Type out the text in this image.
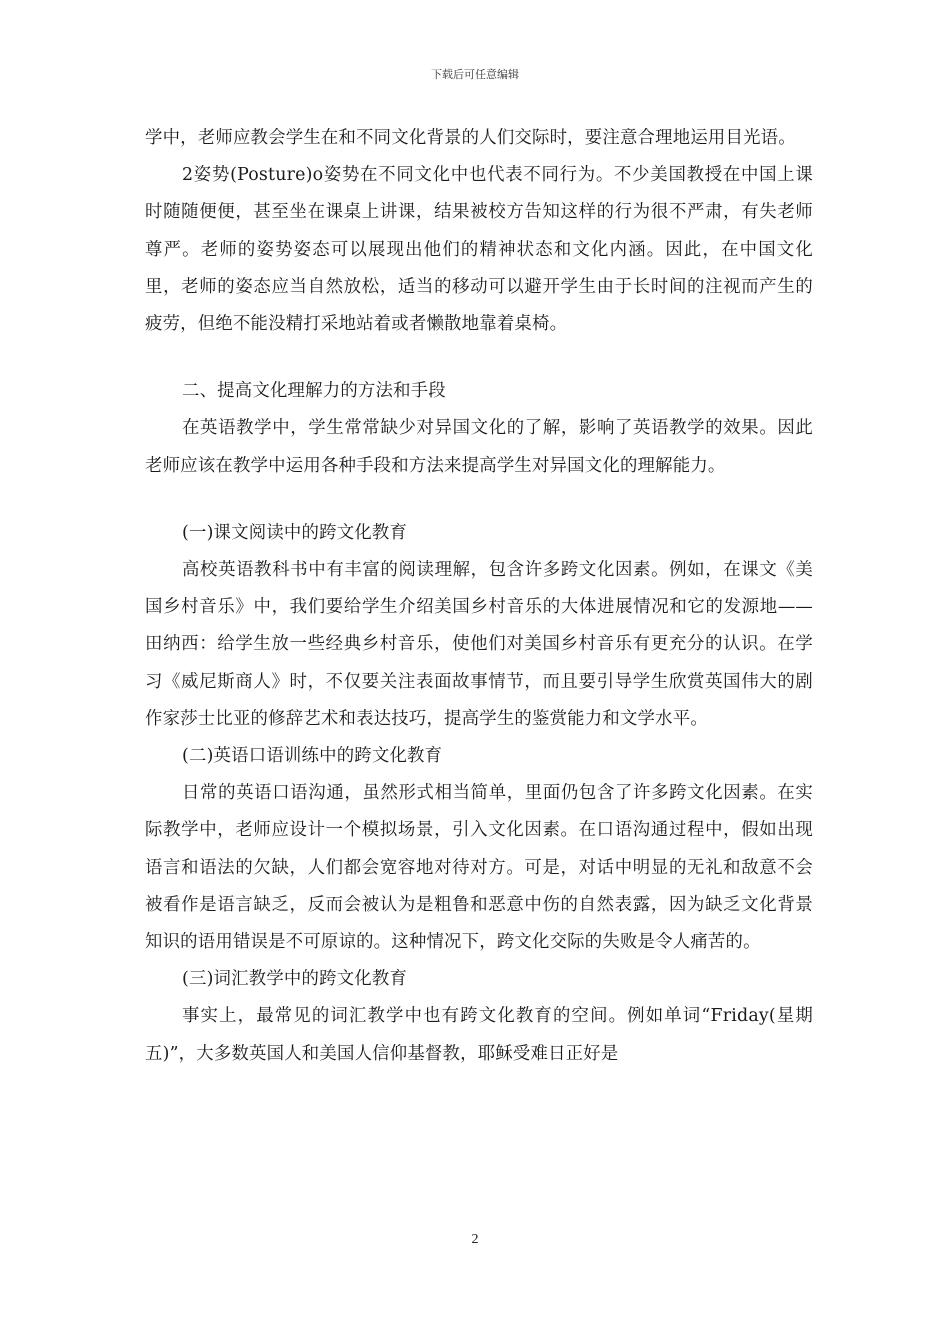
下载后可任意编辑

学中，老师应教会学生在和不同文化背景的人们交际时，要注意合理地运用目光语。

2姿势(Posture)o姿势在不同文化中也代表不同行为。不少美国教授在中国上课时随随便便，甚至坐在课桌上讲课，结果被校方告知这样的行为很不严肃，有失老师尊严。老师的姿势姿态可以展现出他们的精神状态和文化内涵。因此，在中国文化里，老师的姿态应当自然放松，适当的移动可以避开学生由于长时间的注视而产生的疲劳，但绝不能没精打采地站着或者懒散地靠着桌椅。

二、提高文化理解力的方法和手段

在英语教学中，学生常常缺少对异国文化的了解，影响了英语教学的效果。因此老师应该在教学中运用各种手段和方法来提高学生对异国文化的理解能力。

(一)课文阅读中的跨文化教育

高校英语教科书中有丰富的阅读理解，包含许多跨文化因素。例如，在课文《美国乡村音乐》中，我们要给学生介绍美国乡村音乐的大体进展情况和它的发源地——田纳西：给学生放一些经典乡村音乐，使他们对美国乡村音乐有更充分的认识。在学习《威尼斯商人》时，不仅要关注表面故事情节，而且要引导学生欣赏英国伟大的剧作家莎士比亚的修辞艺术和表达技巧，提高学生的鉴赏能力和文学水平。

(二)英语口语训练中的跨文化教育

日常的英语口语沟通，虽然形式相当简单，里面仍包含了许多跨文化因素。在实际教学中，老师应设计一个模拟场景，引入文化因素。在口语沟通过程中，假如出现语言和语法的欠缺，人们都会宽容地对待对方。可是，对话中明显的无礼和敌意不会被看作是语言缺乏，反而会被认为是粗鲁和恶意中伤的自然表露，因为缺乏文化背景知识的语用错误是不可原谅的。这种情况下，跨文化交际的失败是令人痛苦的。

(三)词汇教学中的跨文化教育

事实上，最常见的词汇教学中也有跨文化教育的空间。例如单词“Friday(星期五)”，大多数英国人和美国人信仰基督教，耶稣受难日正好是

2
